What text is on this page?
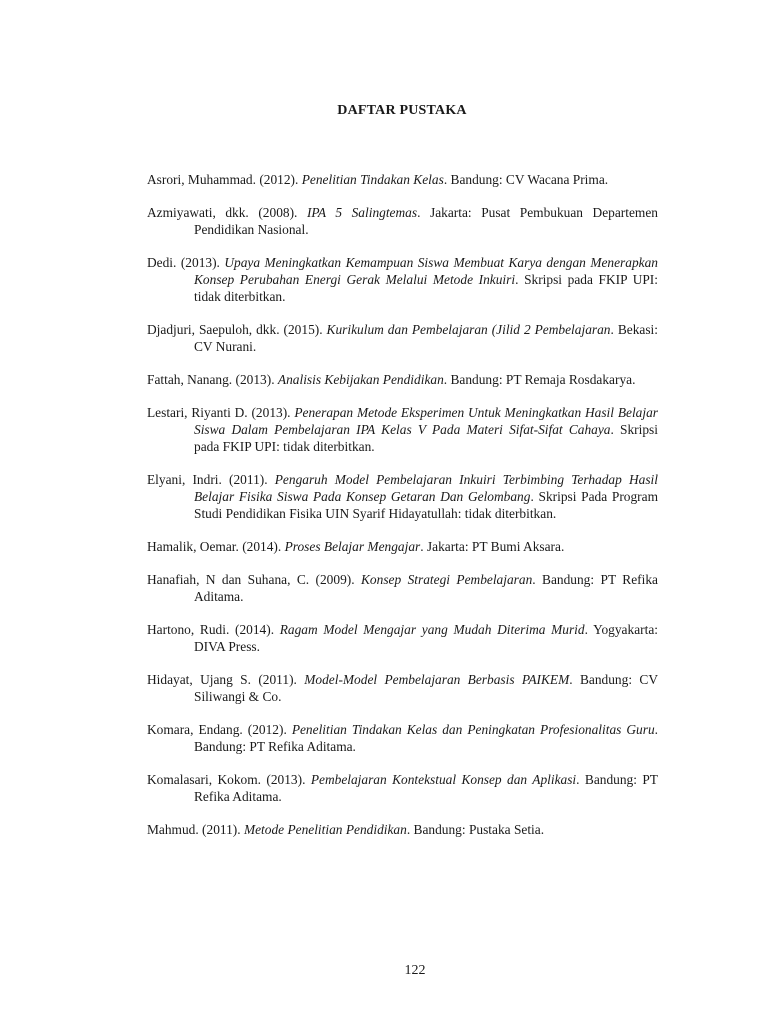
DAFTAR PUSTAKA
Asrori, Muhammad. (2012). Penelitian Tindakan Kelas. Bandung: CV Wacana Prima.
Azmiyawati, dkk. (2008). IPA 5 Salingtemas. Jakarta: Pusat Pembukuan Departemen Pendidikan Nasional.
Dedi. (2013). Upaya Meningkatkan Kemampuan Siswa Membuat Karya dengan Menerapkan Konsep Perubahan Energi Gerak Melalui Metode Inkuiri. Skripsi pada FKIP UPI: tidak diterbitkan.
Djadjuri, Saepuloh, dkk. (2015). Kurikulum dan Pembelajaran (Jilid 2 Pembelajaran. Bekasi: CV Nurani.
Fattah, Nanang. (2013). Analisis Kebijakan Pendidikan. Bandung: PT Remaja Rosdakarya.
Lestari, Riyanti D. (2013). Penerapan Metode Eksperimen Untuk Meningkatkan Hasil Belajar Siswa Dalam Pembelajaran IPA Kelas V Pada Materi Sifat-Sifat Cahaya. Skripsi pada FKIP UPI: tidak diterbitkan.
Elyani, Indri. (2011). Pengaruh Model Pembelajaran Inkuiri Terbimbing Terhadap Hasil Belajar Fisika Siswa Pada Konsep Getaran Dan Gelombang. Skripsi Pada Program Studi Pendidikan Fisika UIN Syarif Hidayatullah: tidak diterbitkan.
Hamalik, Oemar. (2014). Proses Belajar Mengajar. Jakarta: PT Bumi Aksara.
Hanafiah, N dan Suhana, C. (2009). Konsep Strategi Pembelajaran. Bandung: PT Refika Aditama.
Hartono, Rudi. (2014). Ragam Model Mengajar yang Mudah Diterima Murid. Yogyakarta: DIVA Press.
Hidayat, Ujang S. (2011). Model-Model Pembelajaran Berbasis PAIKEM. Bandung: CV Siliwangi & Co.
Komara, Endang. (2012). Penelitian Tindakan Kelas dan Peningkatan Profesionalitas Guru. Bandung: PT Refika Aditama.
Komalasari, Kokom. (2013). Pembelajaran Kontekstual Konsep dan Aplikasi. Bandung: PT Refika Aditama.
Mahmud. (2011). Metode Penelitian Pendidikan. Bandung: Pustaka Setia.
122
